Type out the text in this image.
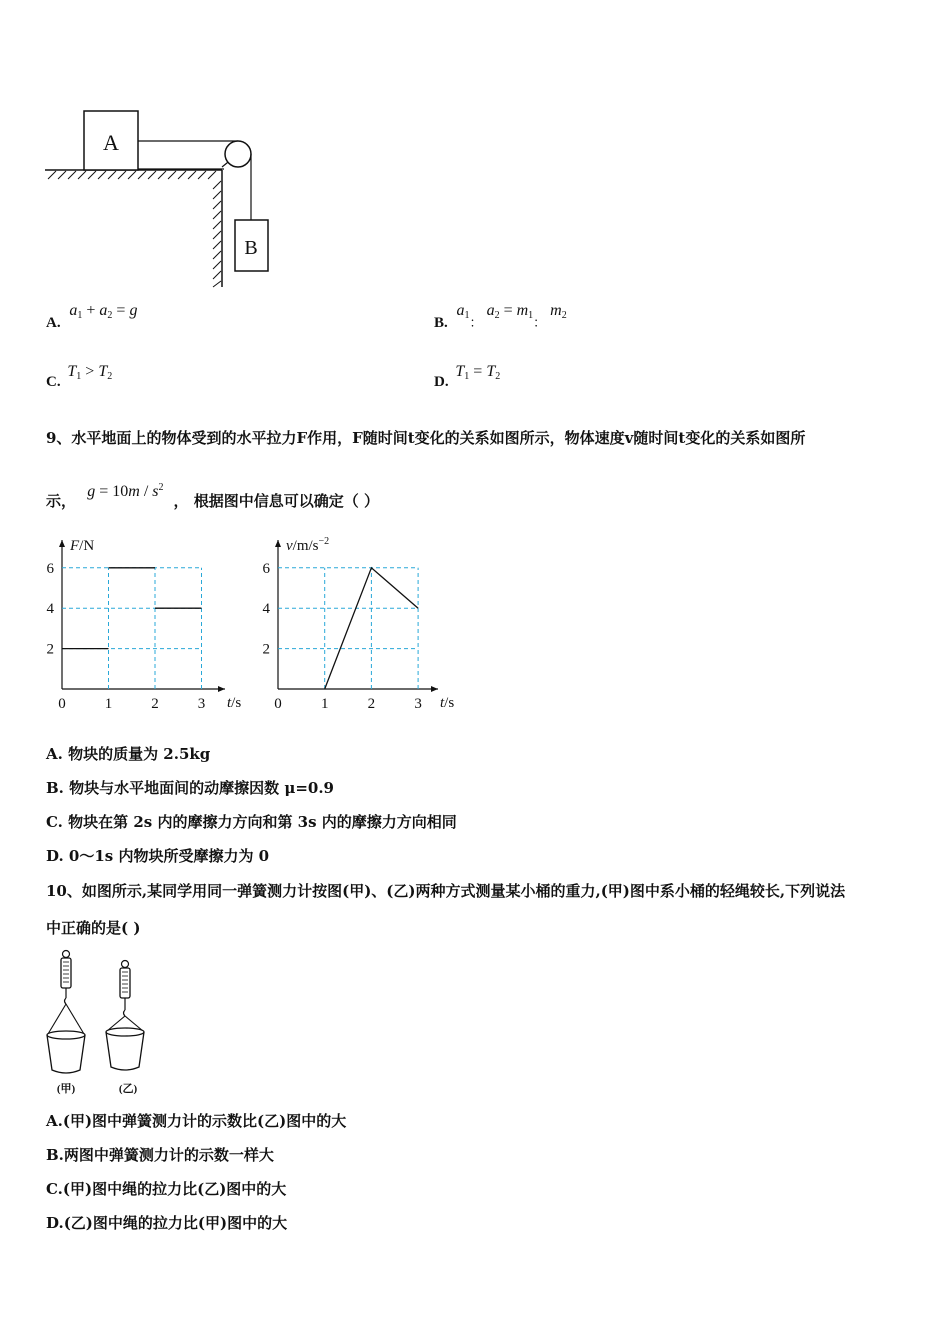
A
B
A. $a_1 + a_2 = g$
B. $a_{1:}$ $a_2 = m_{1:}$ $m_2$
C. $T_1 > T_2$	D. $T_1 = T_2$
9、水平地面上的物体受到的水平拉力F作用，F随时间t变化的关系如图所示，物体速度v随时间t变化的关系如图所
示， $g = 10m / s^2$ ， 根据图中信息可以确定（ ）
0	1	2	3
2
4
6
t/s
F/N
0	1	2	3
2
4
6
t/s
$v/m/s^{-2}$
A. 物块的质量为 2.5kg
B. 物块与水平地面间的动摩擦因数 μ=0.9
C. 物块在第 2s 内的摩擦力方向和第 3s 内的摩擦力方向相同
D. 0～1s 内物块所受摩擦力为 0
10、如图所示,某同学用同一弹簧测力计按图(甲)、(乙)两种方式测量某小桶的重力,(甲)图中系小桶的轻绳较长,下列说法
中正确的是( )
(甲)	(乙)
A.(甲)图中弹簧测力计的示数比(乙)图中的大
B.两图中弹簧测力计的示数一样大
C.(甲)图中绳的拉力比(乙)图中的大
D.(乙)图中绳的拉力比(甲)图中的大
